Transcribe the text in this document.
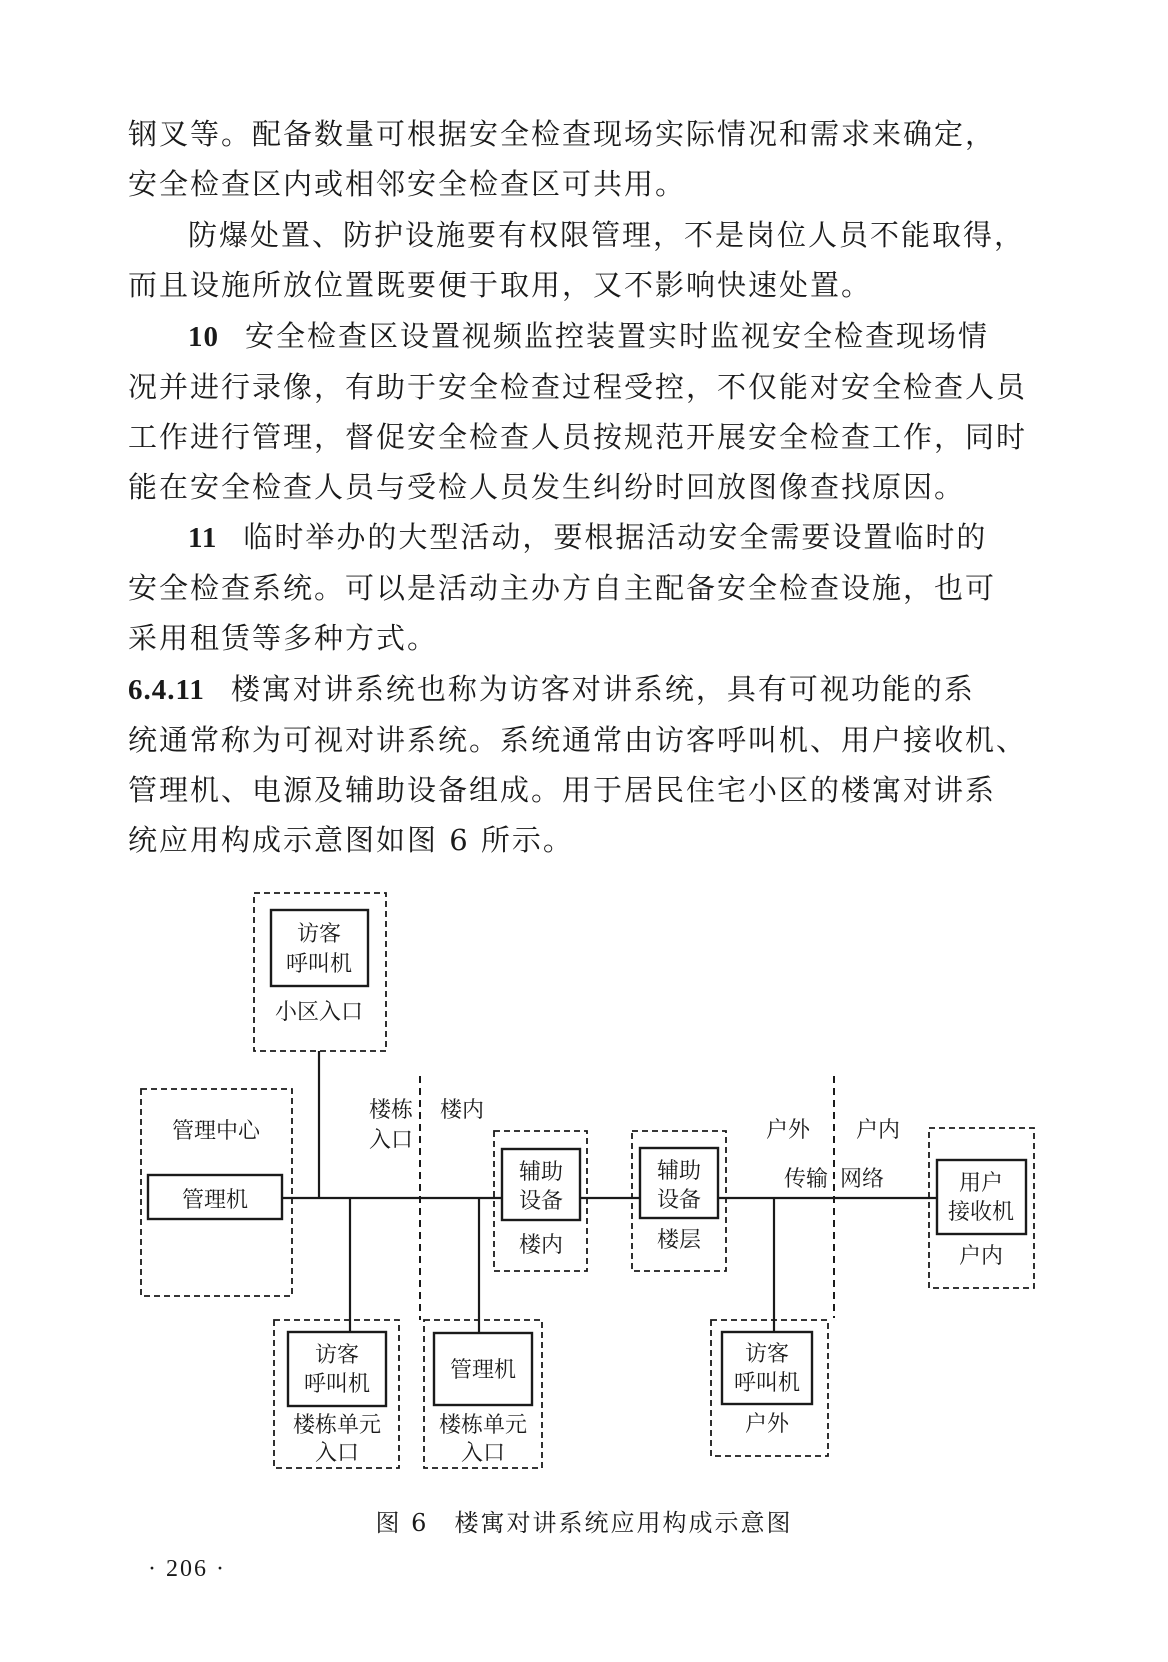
钢叉等。配备数量可根据安全检查现场实际情况和需求来确定，
安全检查区内或相邻安全检查区可共用。
防爆处置、防护设施要有权限管理，不是岗位人员不能取得，
而且设施所放位置既要便于取用，又不影响快速处置。
10 安全检查区设置视频监控装置实时监视安全检查现场情
况并进行录像，有助于安全检查过程受控，不仅能对安全检查人员
工作进行管理，督促安全检查人员按规范开展安全检查工作，同时
能在安全检查人员与受检人员发生纠纷时回放图像查找原因。
11 临时举办的大型活动，要根据活动安全需要设置临时的
安全检查系统。可以是活动主办方自主配备安全检查设施，也可
采用租赁等多种方式。
6.4.11 楼寓对讲系统也称为访客对讲系统，具有可视功能的系
统通常称为可视对讲系统。系统通常由访客呼叫机、用户接收机、
管理机、电源及辅助设备组成。用于居民住宅小区的楼寓对讲系
统应用构成示意图如图 6 所示。
访客
呼叫机
小区入口
管理中心
管理机
楼栋
入口
楼内
辅助
设备
楼内
辅助
设备
楼层
户外 户内
传输 网络	用户
接收机
户内
访客
呼叫机
楼栋单元
入口
管理机
楼栋单元
入口
访客
呼叫机
户外
图 6　楼寓对讲系统应用构成示意图
· 206 ·
